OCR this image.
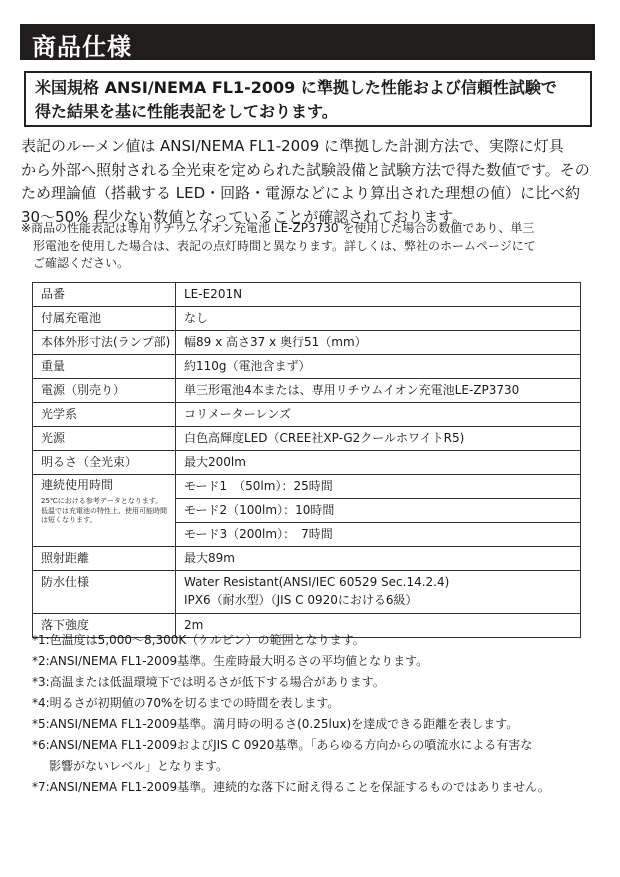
商品仕様
米国規格 ANSI/NEMA FL1-2009 に準拠した性能および信頼性試験で
得た結果を基に性能表記をしております。
表記のルーメン値は ANSI/NEMA FL1-2009 に準拠した計測方法で、実際に灯具
から外部へ照射される全光束を定められた試験設備と試験方法で得た数値です。その
ため理論値（搭載する LED・回路・電源などにより算出された理想の値）に比べ約
30〜50% 程少ない数値となっていることが確認されております。
※商品の性能表記は専用リチウムイオン充電池 LE-ZP3730 を使用した場合の数値であり、単三
形電池を使用した場合は、表記の点灯時間と異なります。詳しくは、弊社のホームページにて
ご確認ください。
品番	LE-E201N
付属充電池	なし
本体外形寸法(ランプ部)	幅89 x 高さ37 x 奥行51（mm）
重量	約110g（電池含まず）
電源（別売り）	単三形電池4本または、専用リチウムイオン充電池LE-ZP3730
光学系	コリメーターレンズ
光源	白色高輝度LED（CREE社XP-G2クールホワイトR5)
明るさ（全光束）	最大200lm

連続使用時間
25℃における参考データとなります。低温では充電池の特性上、使用可能時間は短くなります。	モード1　（50lm）：25時間
	モード2（100lm）：10時間
	モード3（200lm）：　7時間
照射距離	最大89m
防水仕様	Water Resistant(ANSI/IEC 60529 Sec.14.2.4)
IPX6（耐水型）（JIS C 0920における6級）

落下強度	2m
*1:色温度は5,000〜8,300K（ケルビン）の範囲となります。
*2:ANSI/NEMA FL1-2009基準。生産時最大明るさの平均値となります。
*3:高温または低温環境下では明るさが低下する場合があります。
*4:明るさが初期値の70%を切るまでの時間を表します。
*5:ANSI/NEMA FL1-2009基準。満月時の明るさ(0.25lux)を達成できる距離を表します。
*6:ANSI/NEMA FL1-2009およびJIS C 0920基準。「あらゆる方向からの噴流水による有害な
影響がないレベル」となります。
*7:ANSI/NEMA FL1-2009基準。連続的な落下に耐え得ることを保証するものではありません。
